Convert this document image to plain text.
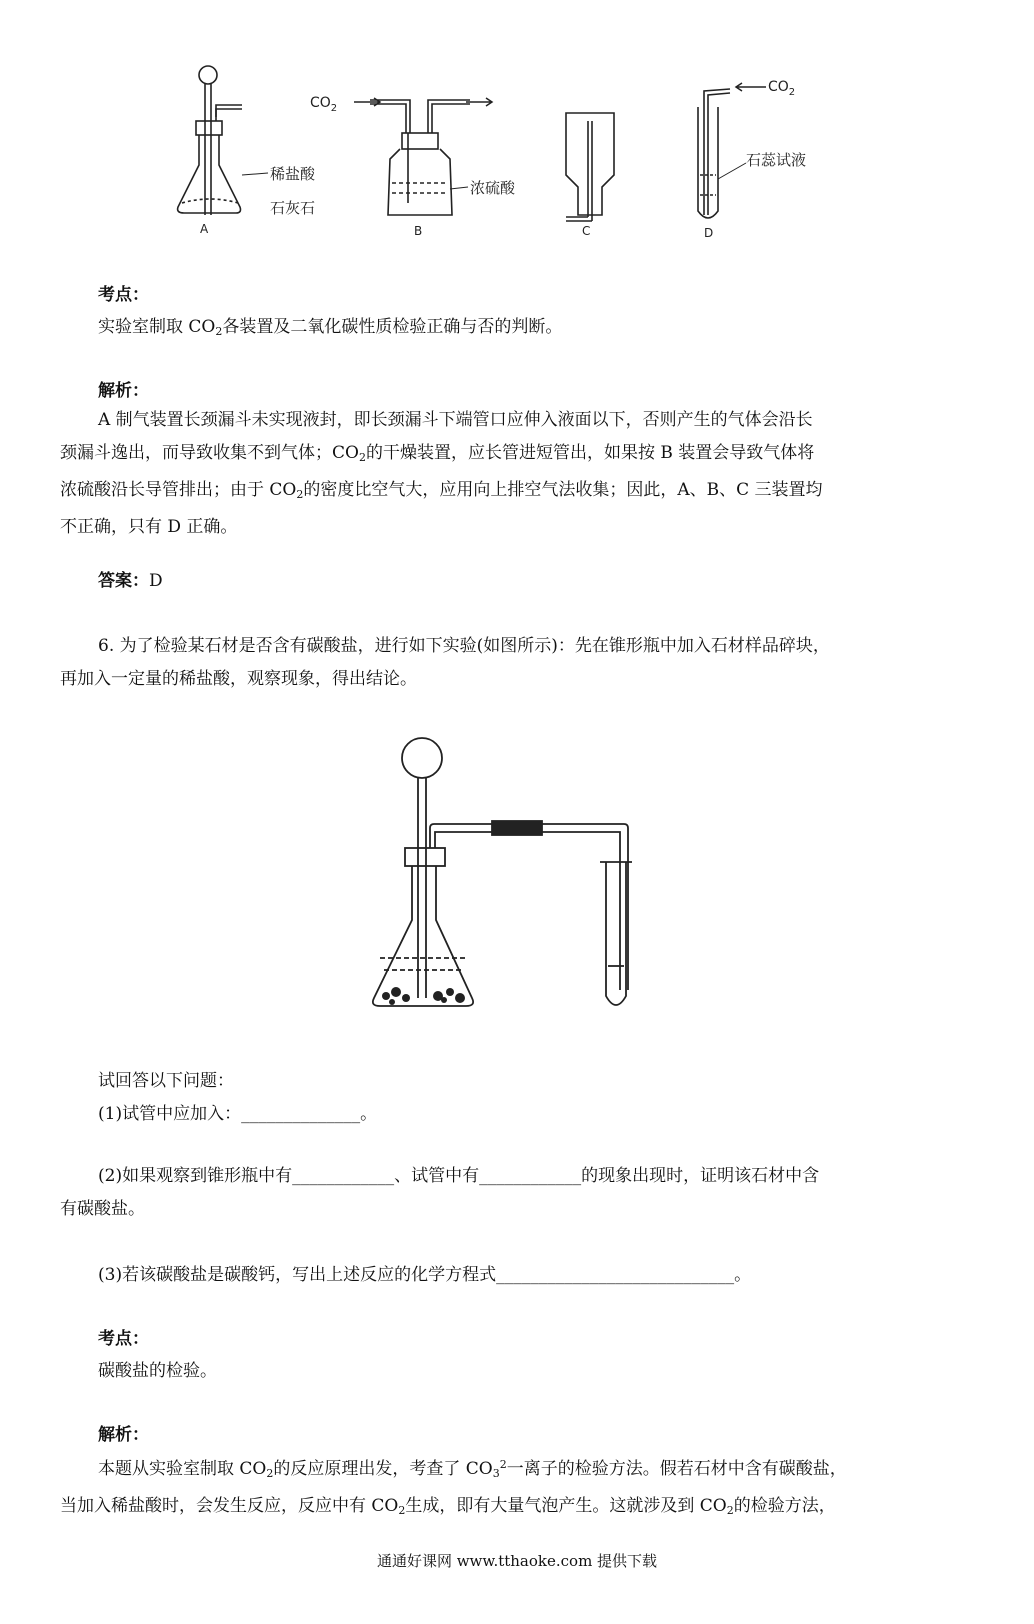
A
稀盐酸
石灰石
$CO_2$
B
浓硫酸
C
$CO_2$
石蕊试液
D
考点：
实验室制取 $CO_2$各装置及二氧化碳性质检验正确与否的判断。
解析：
A 制气装置长颈漏斗未实现液封，即长颈漏斗下端管口应伸入液面以下，否则产生的气体会沿长
颈漏斗逸出，而导致收集不到气体；$CO_2$的干燥装置，应长管进短管出，如果按 B 装置会导致气体将
浓硫酸沿长导管排出；由于 $CO_2$的密度比空气大，应用向上排空气法收集；因此，A、B、C 三装置均
不正确，只有 D 正确。
答案：D
6. 为了检验某石材是否含有碳酸盐，进行如下实验(如图所示)：先在锥形瓶中加入石材样品碎块，
再加入一定量的稀盐酸，观察现象，得出结论。
试回答以下问题：
(1)试管中应加入：______________。
(2)如果观察到锥形瓶中有____________、试管中有____________的现象出现时，证明该石材中含
有碳酸盐。
(3)若该碳酸盐是碳酸钙，写出上述反应的化学方程式____________________________。
考点：
碳酸盐的检验。
解析：
本题从实验室制取 $CO_2$的反应原理出发，考查了 $CO_3^2$一离子的检验方法。假若石材中含有碳酸盐，
当加入稀盐酸时，会发生反应，反应中有 $CO_2$生成，即有大量气泡产生。这就涉及到 $CO_2$的检验方法，
通通好课网 www.tthaoke.com 提供下载
